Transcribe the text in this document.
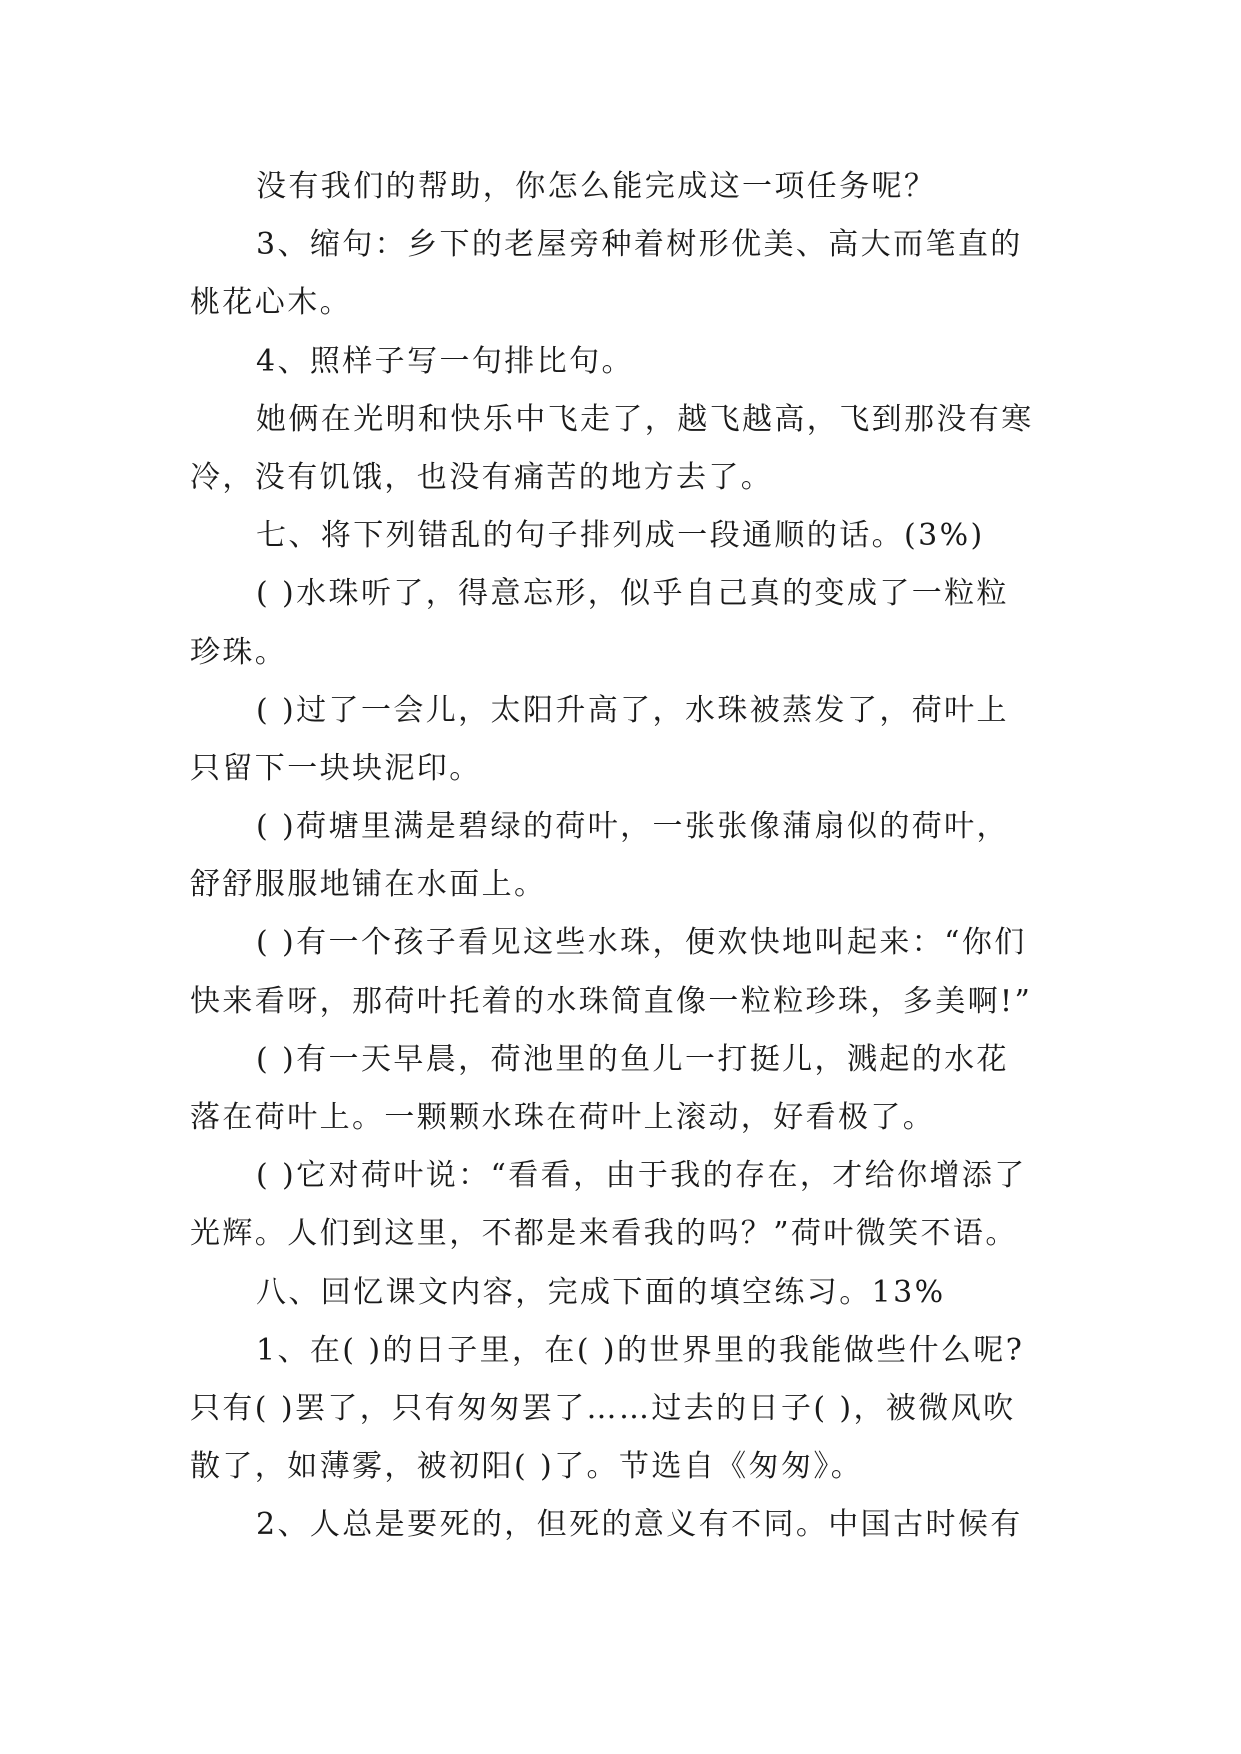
没有我们的帮助，你怎么能完成这一项任务呢？
3、缩句：乡下的老屋旁种着树形优美、高大而笔直的
桃花心木。
4、照样子写一句排比句。
她俩在光明和快乐中飞走了，越飞越高，飞到那没有寒
冷，没有饥饿，也没有痛苦的地方去了。
七、将下列错乱的句子排列成一段通顺的话。(3%)
( )水珠听了，得意忘形，似乎自己真的变成了一粒粒
珍珠。
( )过了一会儿，太阳升高了，水珠被蒸发了，荷叶上
只留下一块块泥印。
( )荷塘里满是碧绿的荷叶，一张张像蒲扇似的荷叶，
舒舒服服地铺在水面上。
( )有一个孩子看见这些水珠，便欢快地叫起来：“你们
快来看呀，那荷叶托着的水珠简直像一粒粒珍珠，多美啊!”
( )有一天早晨，荷池里的鱼儿一打挺儿，溅起的水花
落在荷叶上。一颗颗水珠在荷叶上滚动，好看极了。
( )它对荷叶说：“看看，由于我的存在，才给你增添了
光辉。人们到这里，不都是来看我的吗？”荷叶微笑不语。
八、回忆课文内容，完成下面的填空练习。13%
1、在( )的日子里，在( )的世界里的我能做些什么呢?
只有( )罢了，只有匆匆罢了……过去的日子( )，被微风吹
散了，如薄雾，被初阳( )了。节选自《匆匆》。
2、人总是要死的，但死的意义有不同。中国古时候有
